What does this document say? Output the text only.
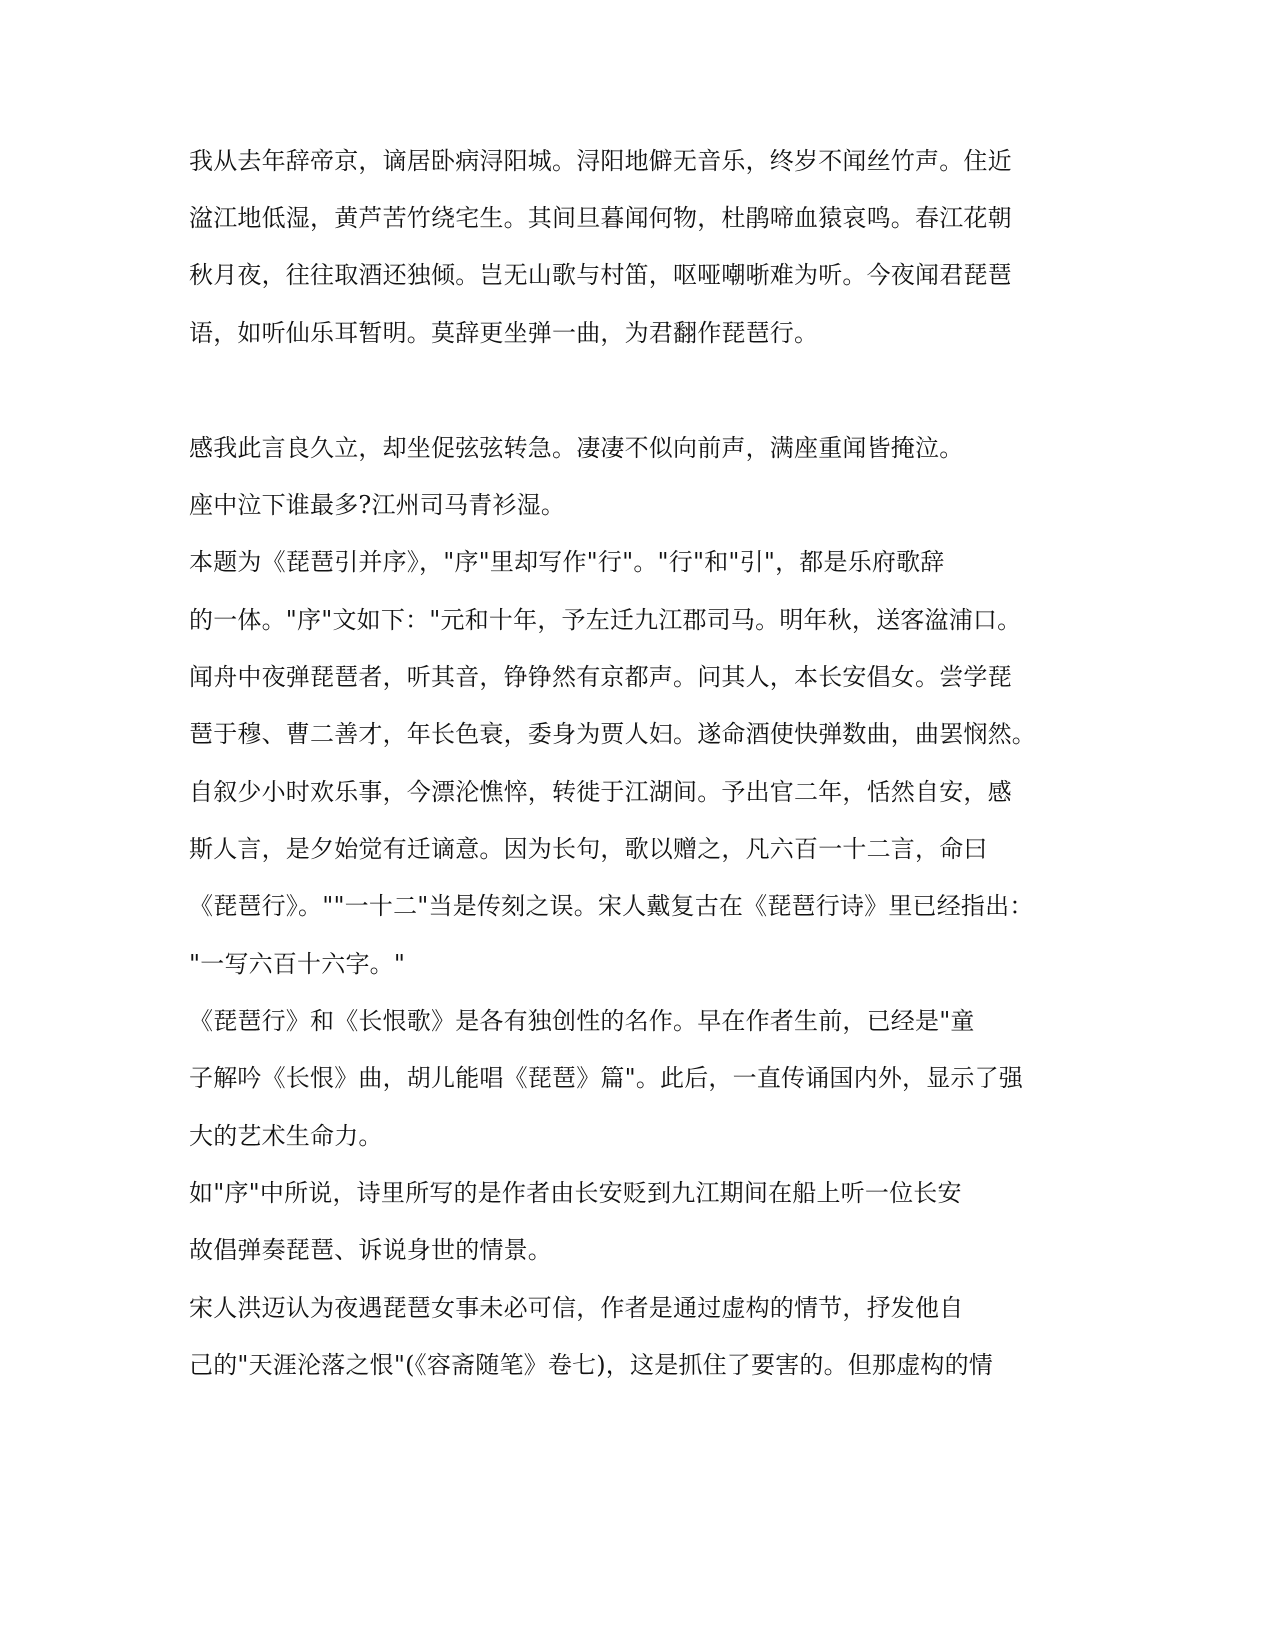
我从去年辞帝京，谪居卧病浔阳城。浔阳地僻无音乐，终岁不闻丝竹声。住近
湓江地低湿，黄芦苦竹绕宅生。其间旦暮闻何物，杜鹃啼血猿哀鸣。春江花朝
秋月夜，往往取酒还独倾。岂无山歌与村笛，呕哑嘲哳难为听。今夜闻君琵琶
语，如听仙乐耳暂明。莫辞更坐弹一曲，为君翻作琵琶行。
感我此言良久立，却坐促弦弦转急。凄凄不似向前声，满座重闻皆掩泣。
座中泣下谁最多?江州司马青衫湿。
本题为《琵琶引并序》，"序"里却写作"行"。"行"和"引"，都是乐府歌辞
的一体。"序"文如下："元和十年，予左迁九江郡司马。明年秋，送客湓浦口。
闻舟中夜弹琵琶者，听其音，铮铮然有京都声。问其人，本长安倡女。尝学琵
琶于穆、曹二善才，年长色衰，委身为贾人妇。遂命酒使快弹数曲，曲罢悯然。
自叙少小时欢乐事，今漂沦憔悴，转徙于江湖间。予出官二年，恬然自安，感
斯人言，是夕始觉有迁谪意。因为长句，歌以赠之，凡六百一十二言，命曰
《琵琶行》。""一十二"当是传刻之误。宋人戴复古在《琵琶行诗》里已经指出：
"一写六百十六字。"
《琵琶行》和《长恨歌》是各有独创性的名作。早在作者生前，已经是"童
子解吟《长恨》曲，胡儿能唱《琵琶》篇"。此后，一直传诵国内外，显示了强
大的艺术生命力。
如"序"中所说，诗里所写的是作者由长安贬到九江期间在船上听一位长安
故倡弹奏琵琶、诉说身世的情景。
宋人洪迈认为夜遇琵琶女事未必可信，作者是通过虚构的情节，抒发他自
己的"天涯沦落之恨"(《容斋随笔》卷七)，这是抓住了要害的。但那虚构的情
